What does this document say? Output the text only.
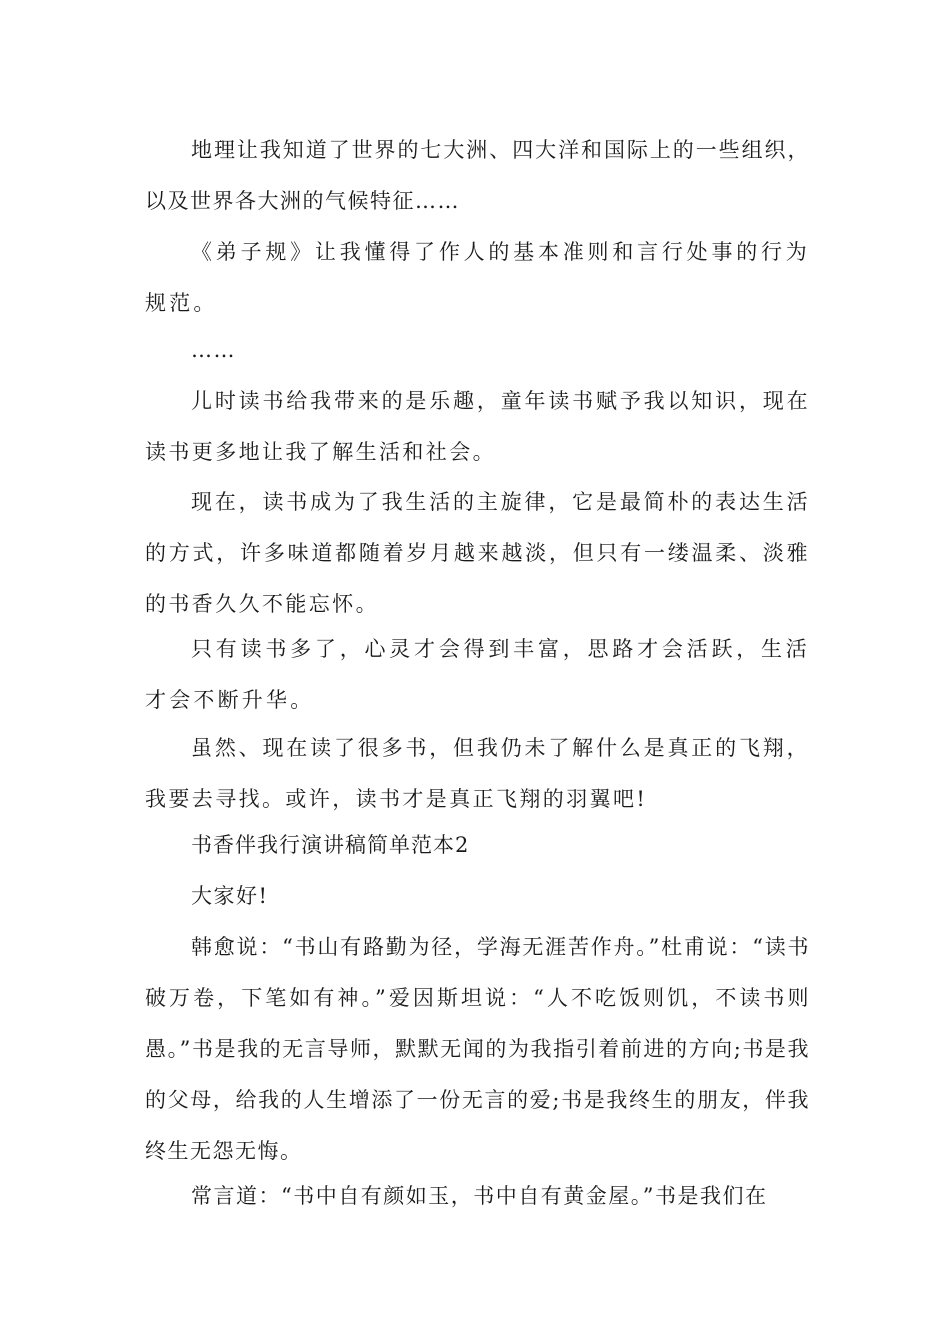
地理让我知道了世界的七大洲、四大洋和国际上的一些组织，以及世界各大洲的气候特征……

《弟子规》让我懂得了作人的基本准则和言行处事的行为规范。

……

儿时读书给我带来的是乐趣，童年读书赋予我以知识，现在读书更多地让我了解生活和社会。

现在，读书成为了我生活的主旋律，它是最简朴的表达生活的方式，许多味道都随着岁月越来越淡，但只有一缕温柔、淡雅的书香久久不能忘怀。

只有读书多了，心灵才会得到丰富，思路才会活跃，生活才会不断升华。

虽然、现在读了很多书，但我仍未了解什么是真正的飞翔，我要去寻找。或许，读书才是真正飞翔的羽翼吧!

书香伴我行演讲稿简单范本2

大家好!

韩愈说：“书山有路勤为径，学海无涯苦作舟。”杜甫说：“读书破万卷，下笔如有神。”爱因斯坦说：“人不吃饭则饥，不读书则愚。”书是我的无言导师，默默无闻的为我指引着前进的方向;书是我的父母，给我的人生增添了一份无言的爱;书是我终生的朋友，伴我终生无怨无悔。

常言道：“书中自有颜如玉，书中自有黄金屋。”书是我们在
